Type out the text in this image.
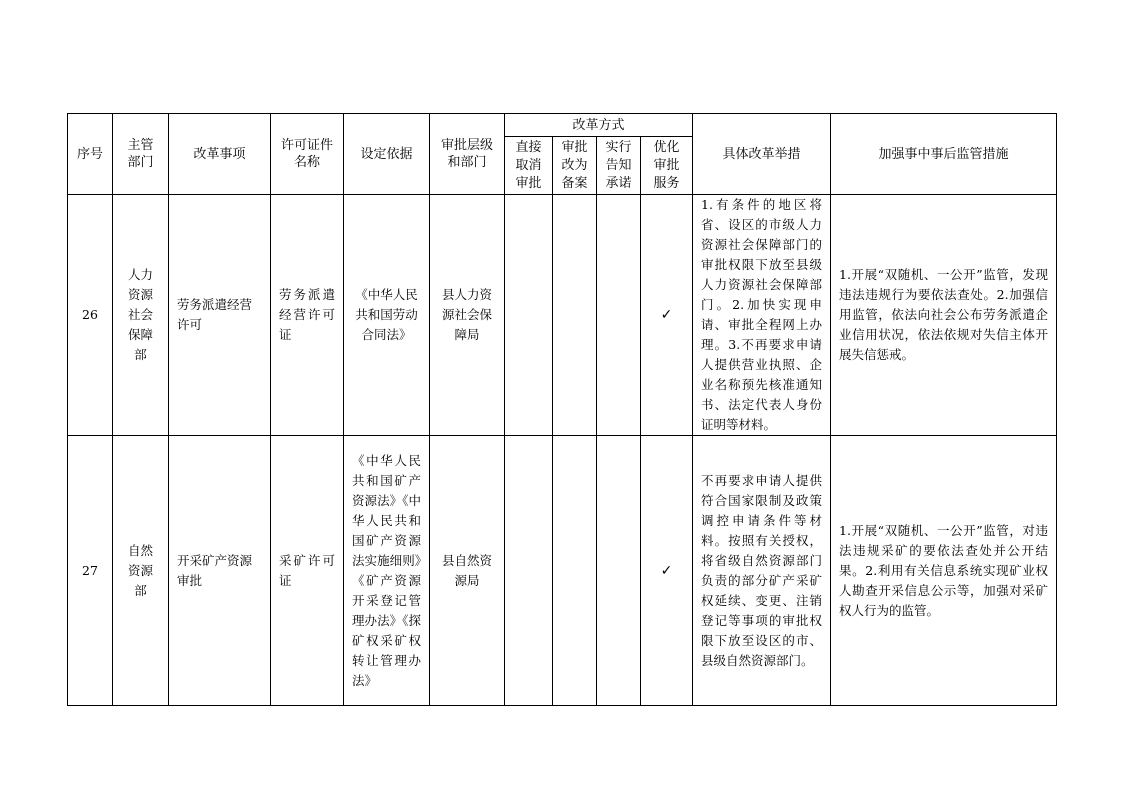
序号	主管部门	改革事项	许可证件名称	设定依据	审批层级和部门	改革方式				具体改革举措	加强事中事后监管措施
						直接取消审批	审批改为备案	实行告知承诺	优化审批服务		
26	人力资源社会保障部	劳务派遣经营许可	劳务派遣经营许可证	《中华人民共和国劳动合同法》	县人力资源社会保障局				✓	1.有条件的地区将省、设区的市级人力资源社会保障部门的审批权限下放至县级人力资源社会保障部门。2.加快实现申请、审批全程网上办理。3.不再要求申请人提供营业执照、企业名称预先核准通知书、法定代表人身份证明等材料。	1.开展“双随机、一公开”监管，发现违法违规行为要依法查处。2.加强信用监管，依法向社会公布劳务派遣企业信用状况，依法依规对失信主体开展失信惩戒。
27	自然资源部	开采矿产资源审批	采矿许可证	《中华人民共和国矿产资源法》《中华人民共和国矿产资源法实施细则》《矿产资源开采登记管理办法》《探矿权采矿权转让管理办法》	县自然资源局				✓	不再要求申请人提供符合国家限制及政策调控申请条件等材料。按照有关授权，将省级自然资源部门负责的部分矿产采矿权延续、变更、注销登记等事项的审批权限下放至设区的市、县级自然资源部门。	1.开展“双随机、一公开”监管，对违法违规采矿的要依法查处并公开结果。2.利用有关信息系统实现矿业权人勘查开采信息公示等，加强对采矿权人行为的监管。
